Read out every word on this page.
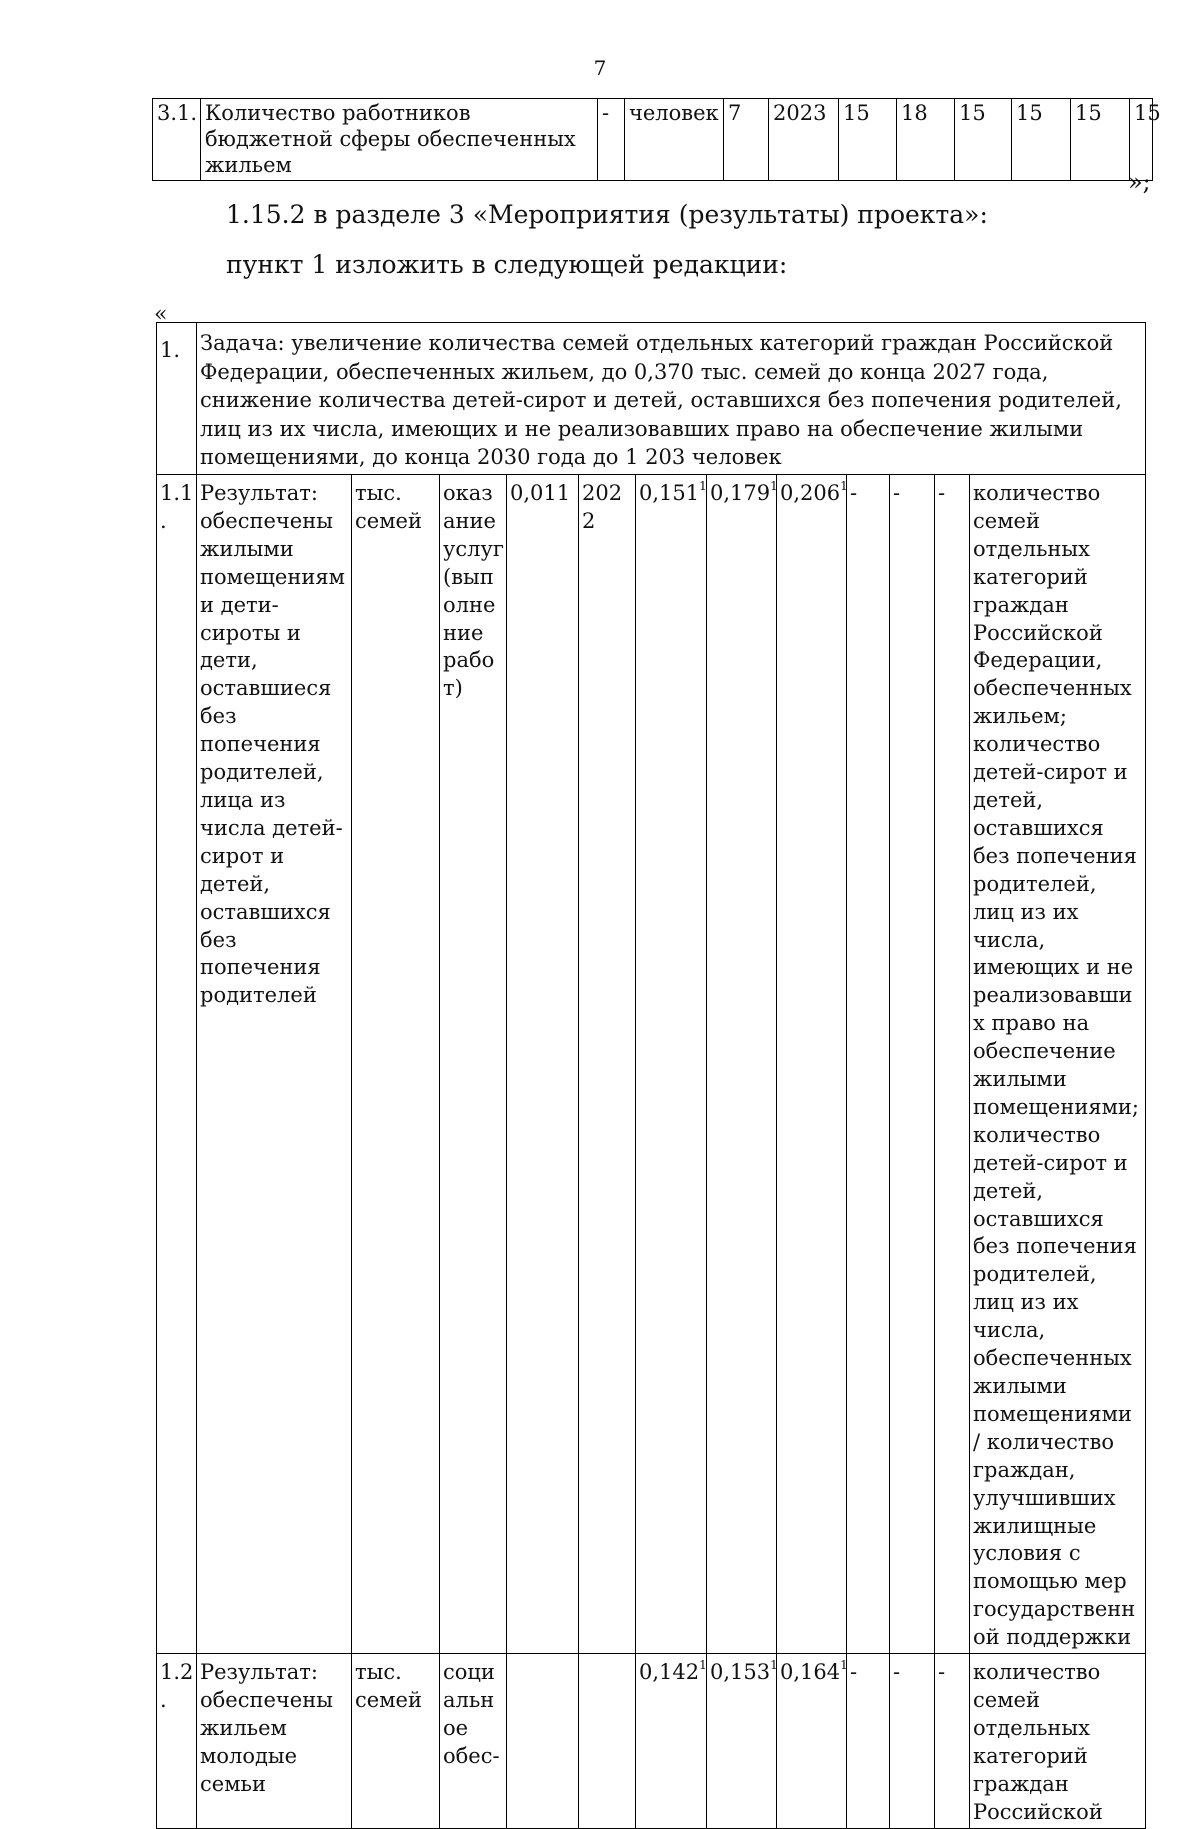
7
3.1.	Количество работников бюджетной сферы обеспеченных жильем	-	человек	7	2023	15	18	15	15	15	15
»;
1.15.2 в разделе 3 «Мероприятия (результаты) проекта»:
пункт 1 изложить в следующей редакции:
«
1.	Задача: увеличение количества семей отдельных категорий граждан Российской Федерации, обеспеченных жильем, до 0,370 тыс. семей до конца 2027 года, снижение количества детей-сирот и детей, оставшихся без попечения родителей, лиц из их числа, имеющих и не реализовавших право на обеспечение жилыми помещениями, до конца 2030 года до 1 203 человек											
1.1.	Результат: обеспечены жилыми помещениями дети-сироты и дети, оставшиеся без попечения родителей, лица из числа детей-сирот и детей, оставшихся без попечения родителей	тыс. семей	оказание услуг (выполнение работ)	0,011	2022	0,151$^1$	0,179$^1$	0,206$^1$	-	-	-	количество семей отдельных категорий граждан Российской Федерации, обеспеченных жильем; количество детей-сирот и детей, оставшихся без попечения родителей, лиц из их числа, имеющих и не реализовавших право на обеспечение жилыми помещениями; количество детей-сирот и детей, оставшихся без попечения родителей, лиц из их числа, обеспеченных жилыми помещениями / количество граждан, улучшивших жилищные условия с помощью мер государственной поддержки
1.2.	Результат: обеспечены жильем молодые семьи	тыс. семей	социальное обес-			0,142$^1$	0,153$^1$	0,164$^1$	-	-	-	количество семей отдельных категорий граждан Российской
